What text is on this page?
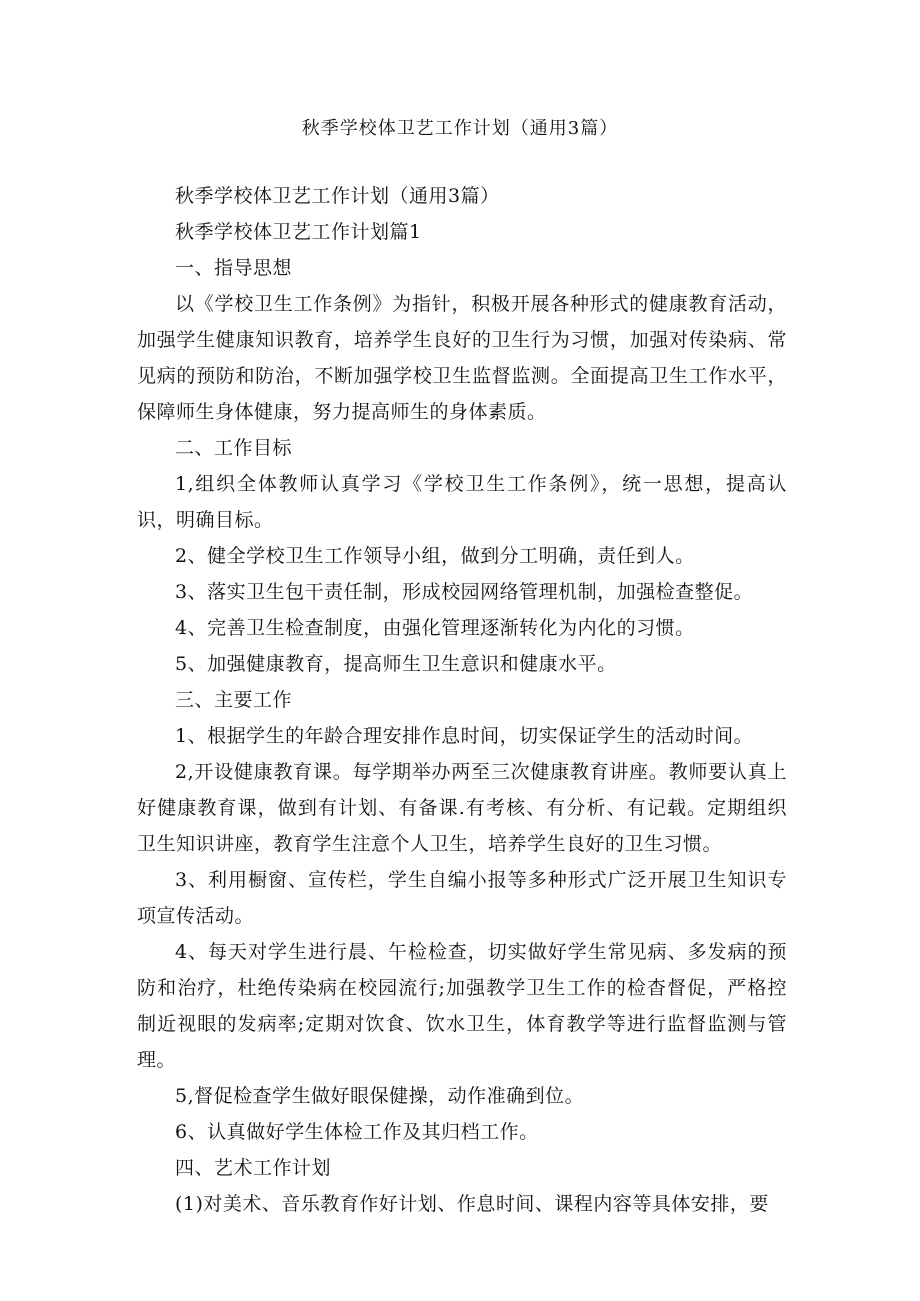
秋季学校体卫艺工作计划（通用3篇）

秋季学校体卫艺工作计划（通用3篇）

秋季学校体卫艺工作计划篇1

一、指导思想

以《学校卫生工作条例》为指针，积极开展各种形式的健康教育活动，加强学生健康知识教育，培养学生良好的卫生行为习惯，加强对传染病、常见病的预防和防治，不断加强学校卫生监督监测。全面提高卫生工作水平，保障师生身体健康，努力提高师生的身体素质。

二、工作目标

1,组织全体教师认真学习《学校卫生工作条例》，统一思想，提高认识，明确目标。

2、健全学校卫生工作领导小组，做到分工明确，责任到人。

3、落实卫生包干责任制，形成校园网络管理机制，加强检查整促。

4、完善卫生检查制度，由强化管理逐渐转化为内化的习惯。

5、加强健康教育，提高师生卫生意识和健康水平。

三、主要工作

1、根据学生的年龄合理安排作息时间，切实保证学生的活动时间。

2,开设健康教育课。每学期举办两至三次健康教育讲座。教师要认真上好健康教育课，做到有计划、有备课.有考核、有分析、有记载。定期组织卫生知识讲座，教育学生注意个人卫生，培养学生良好的卫生习惯。

3、利用橱窗、宣传栏，学生自编小报等多种形式广泛开展卫生知识专项宣传活动。

4、每天对学生进行晨、午检检查，切实做好学生常见病、多发病的预防和治疗，杜绝传染病在校园流行;加强教学卫生工作的检杳督促，严格控制近视眼的发病率;定期对饮食、饮水卫生，体育教学等进行监督监测与管理。

5,督促检查学生做好眼保健操，动作准确到位。

6、认真做好学生体检工作及其归档工作。

四、艺术工作计划

(1)对美术、音乐教育作好计划、作息时间、课程内容等具体安排，要
